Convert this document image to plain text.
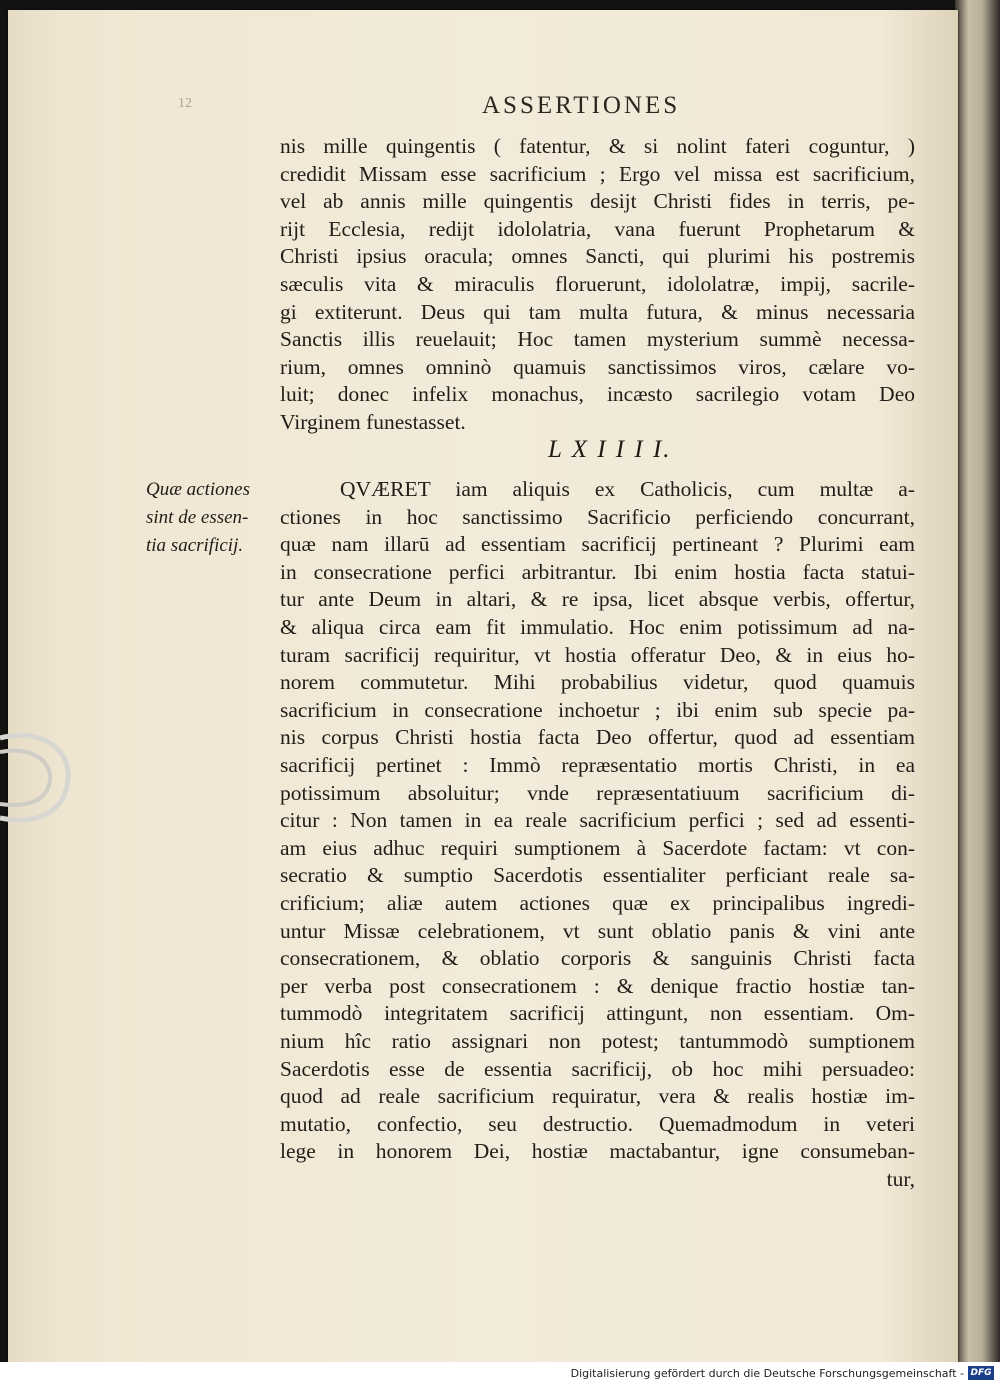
ASSERTIONES
12
nis mille quingentis ( fatentur, & si nolint fateri coguntur, )
credidit Missam esse sacrificium ; Ergo vel missa est sacrificium,
vel ab annis mille quingentis desijt Christi fides in terris, pe-
rijt Ecclesia, redijt idololatria, vana fuerunt Prophetarum &
Christi ipsius oracula; omnes Sancti, qui plurimi his postremis
sæculis vita & miraculis floruerunt, idololatræ, impij, sacrile-
gi extiterunt. Deus qui tam multa futura, & minus necessaria
Sanctis illis reuelauit; Hoc tamen mysterium summè necessa-
rium, omnes omninò quamuis sanctissimos viros, cælare vo-
luit; donec infelix monachus, incæsto sacrilegio votam Deo
Virginem funestasset.
L X I I I I.
Quæ actiones
sint de essen-
tia sacrificij.
QVÆRET iam aliquis ex Catholicis, cum multæ a-
ctiones in hoc sanctissimo Sacrificio perficiendo concurrant,
quæ nam illarū ad essentiam sacrificij pertineant ? Plurimi eam
in consecratione perfici arbitrantur. Ibi enim hostia facta statui-
tur ante Deum in altari, & re ipsa, licet absque verbis, offertur,
& aliqua circa eam fit immulatio. Hoc enim potissimum ad na-
turam sacrificij requiritur, vt hostia offeratur Deo, & in eius ho-
norem commutetur. Mihi probabilius videtur, quod quamuis
sacrificium in consecratione inchoetur ; ibi enim sub specie pa-
nis corpus Christi hostia facta Deo offertur, quod ad essentiam
sacrificij pertinet : Immò repræsentatio mortis Christi, in ea
potissimum absoluitur; vnde repræsentatiuum sacrificium di-
citur : Non tamen in ea reale sacrificium perfici ; sed ad essenti-
am eius adhuc requiri sumptionem à Sacerdote factam: vt con-
secratio & sumptio Sacerdotis essentialiter perficiant reale sa-
crificium; aliæ autem actiones quæ ex principalibus ingredi-
untur Missæ celebrationem, vt sunt oblatio panis & vini ante
consecrationem, & oblatio corporis & sanguinis Christi facta
per verba post consecrationem : & denique fractio hostiæ tan-
tummodò integritatem sacrificij attingunt, non essentiam. Om-
nium hîc ratio assignari non potest; tantummodò sumptionem
Sacerdotis esse de essentia sacrificij, ob hoc mihi persuadeo:
quod ad reale sacrificium requiratur, vera & realis hostiæ im-
mutatio, confectio, seu destructio. Quemadmodum in veteri
lege in honorem Dei, hostiæ mactabantur, igne consumeban-
tur,
Digitalisierung gefördert durch die Deutsche Forschungsgemeinschaft - DFG
